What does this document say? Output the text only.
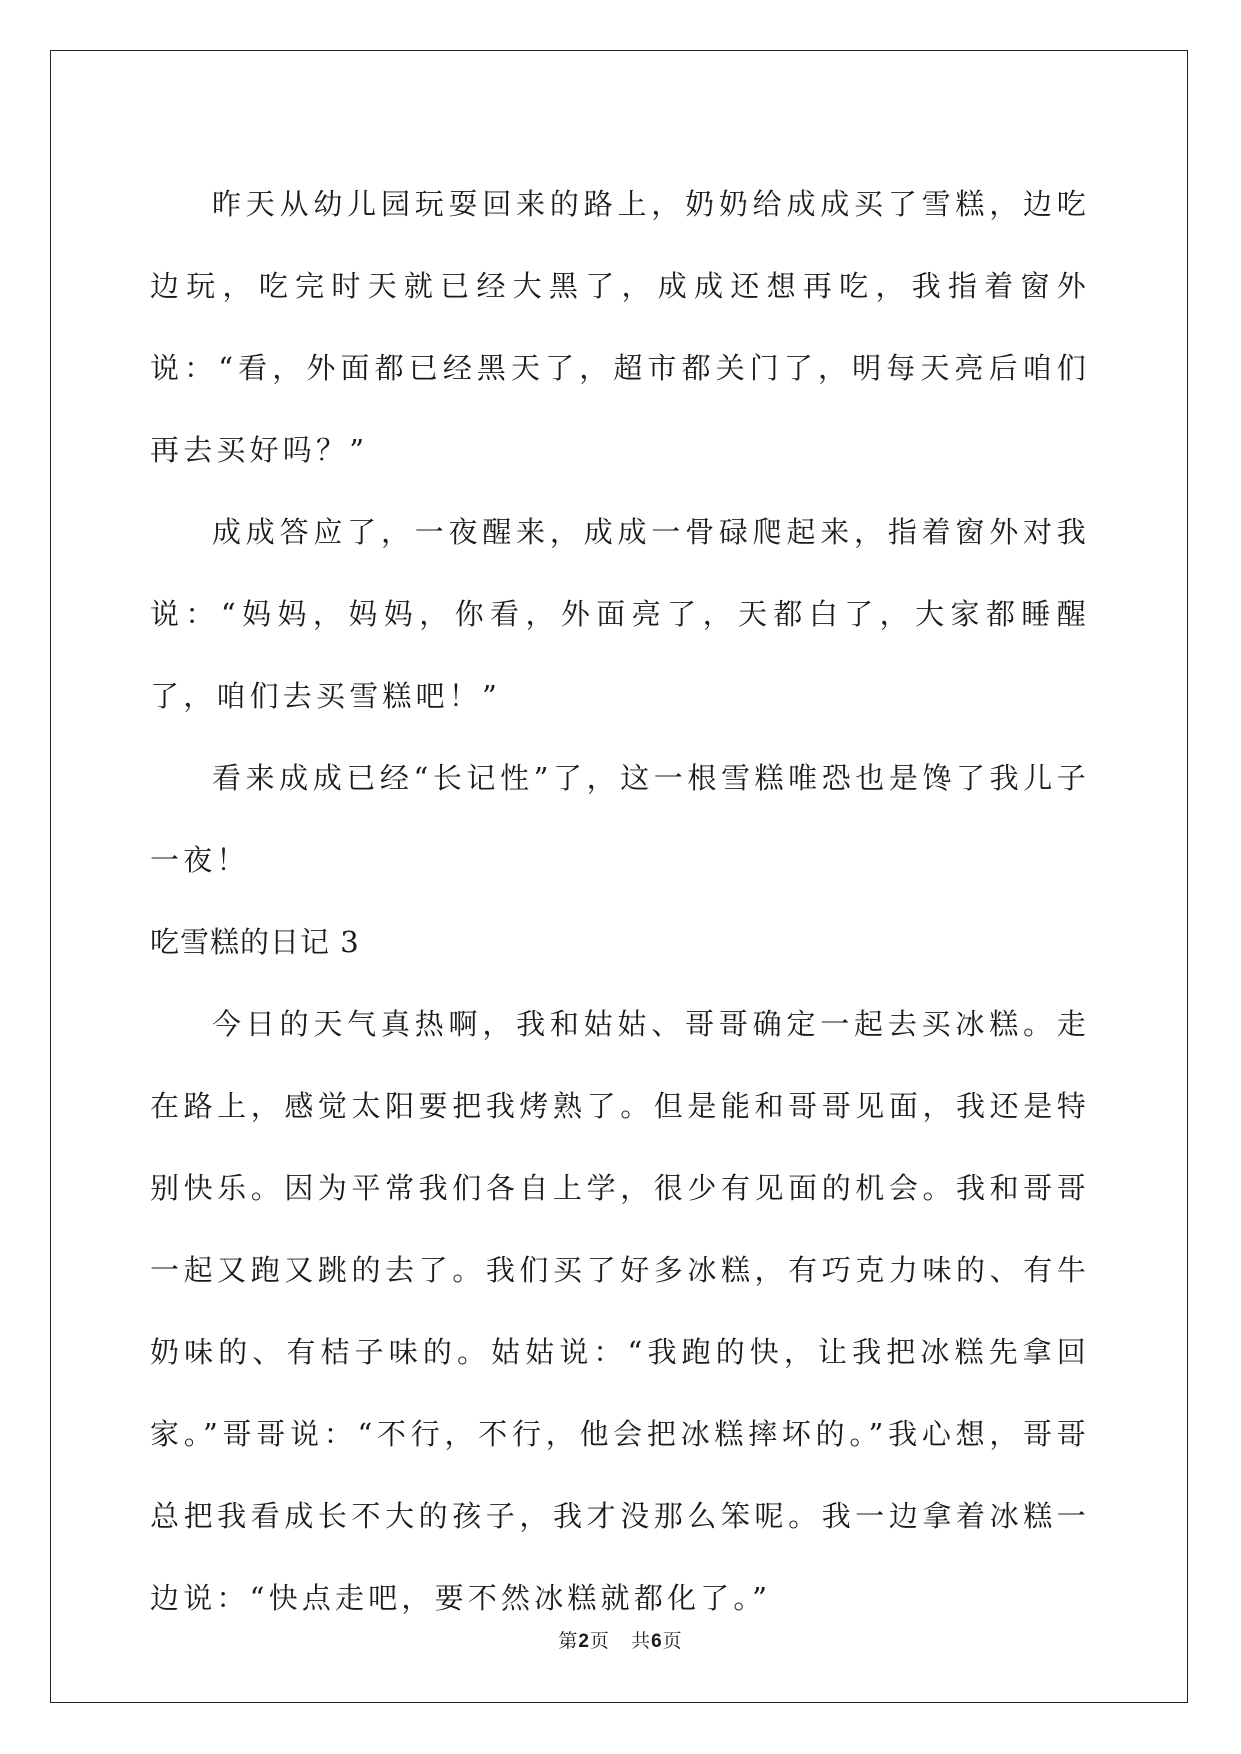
昨天从幼儿园玩耍回来的路上，奶奶给成成买了雪糕，边吃边玩，吃完时天就已经大黑了，成成还想再吃，我指着窗外说：“看，外面都已经黑天了，超市都关门了，明每天亮后咱们再去买好吗？”

成成答应了，一夜醒来，成成一骨碌爬起来，指着窗外对我说：“妈妈，妈妈，你看，外面亮了，天都白了，大家都睡醒了，咱们去买雪糕吧！”

看来成成已经“长记性”了，这一根雪糕唯恐也是馋了我儿子一夜！

吃雪糕的日记 3

今日的天气真热啊，我和姑姑、哥哥确定一起去买冰糕。走在路上，感觉太阳要把我烤熟了。但是能和哥哥见面，我还是特别快乐。因为平常我们各自上学，很少有见面的机会。我和哥哥一起又跑又跳的去了。我们买了好多冰糕，有巧克力味的、有牛奶味的、有桔子味的。姑姑说：“我跑的快，让我把冰糕先拿回家。”哥哥说：“不行，不行，他会把冰糕摔坏的。”我心想，哥哥总把我看成长不大的孩子，我才没那么笨呢。我一边拿着冰糕一边说：“快点走吧，要不然冰糕就都化了。”

第2页 共6页
